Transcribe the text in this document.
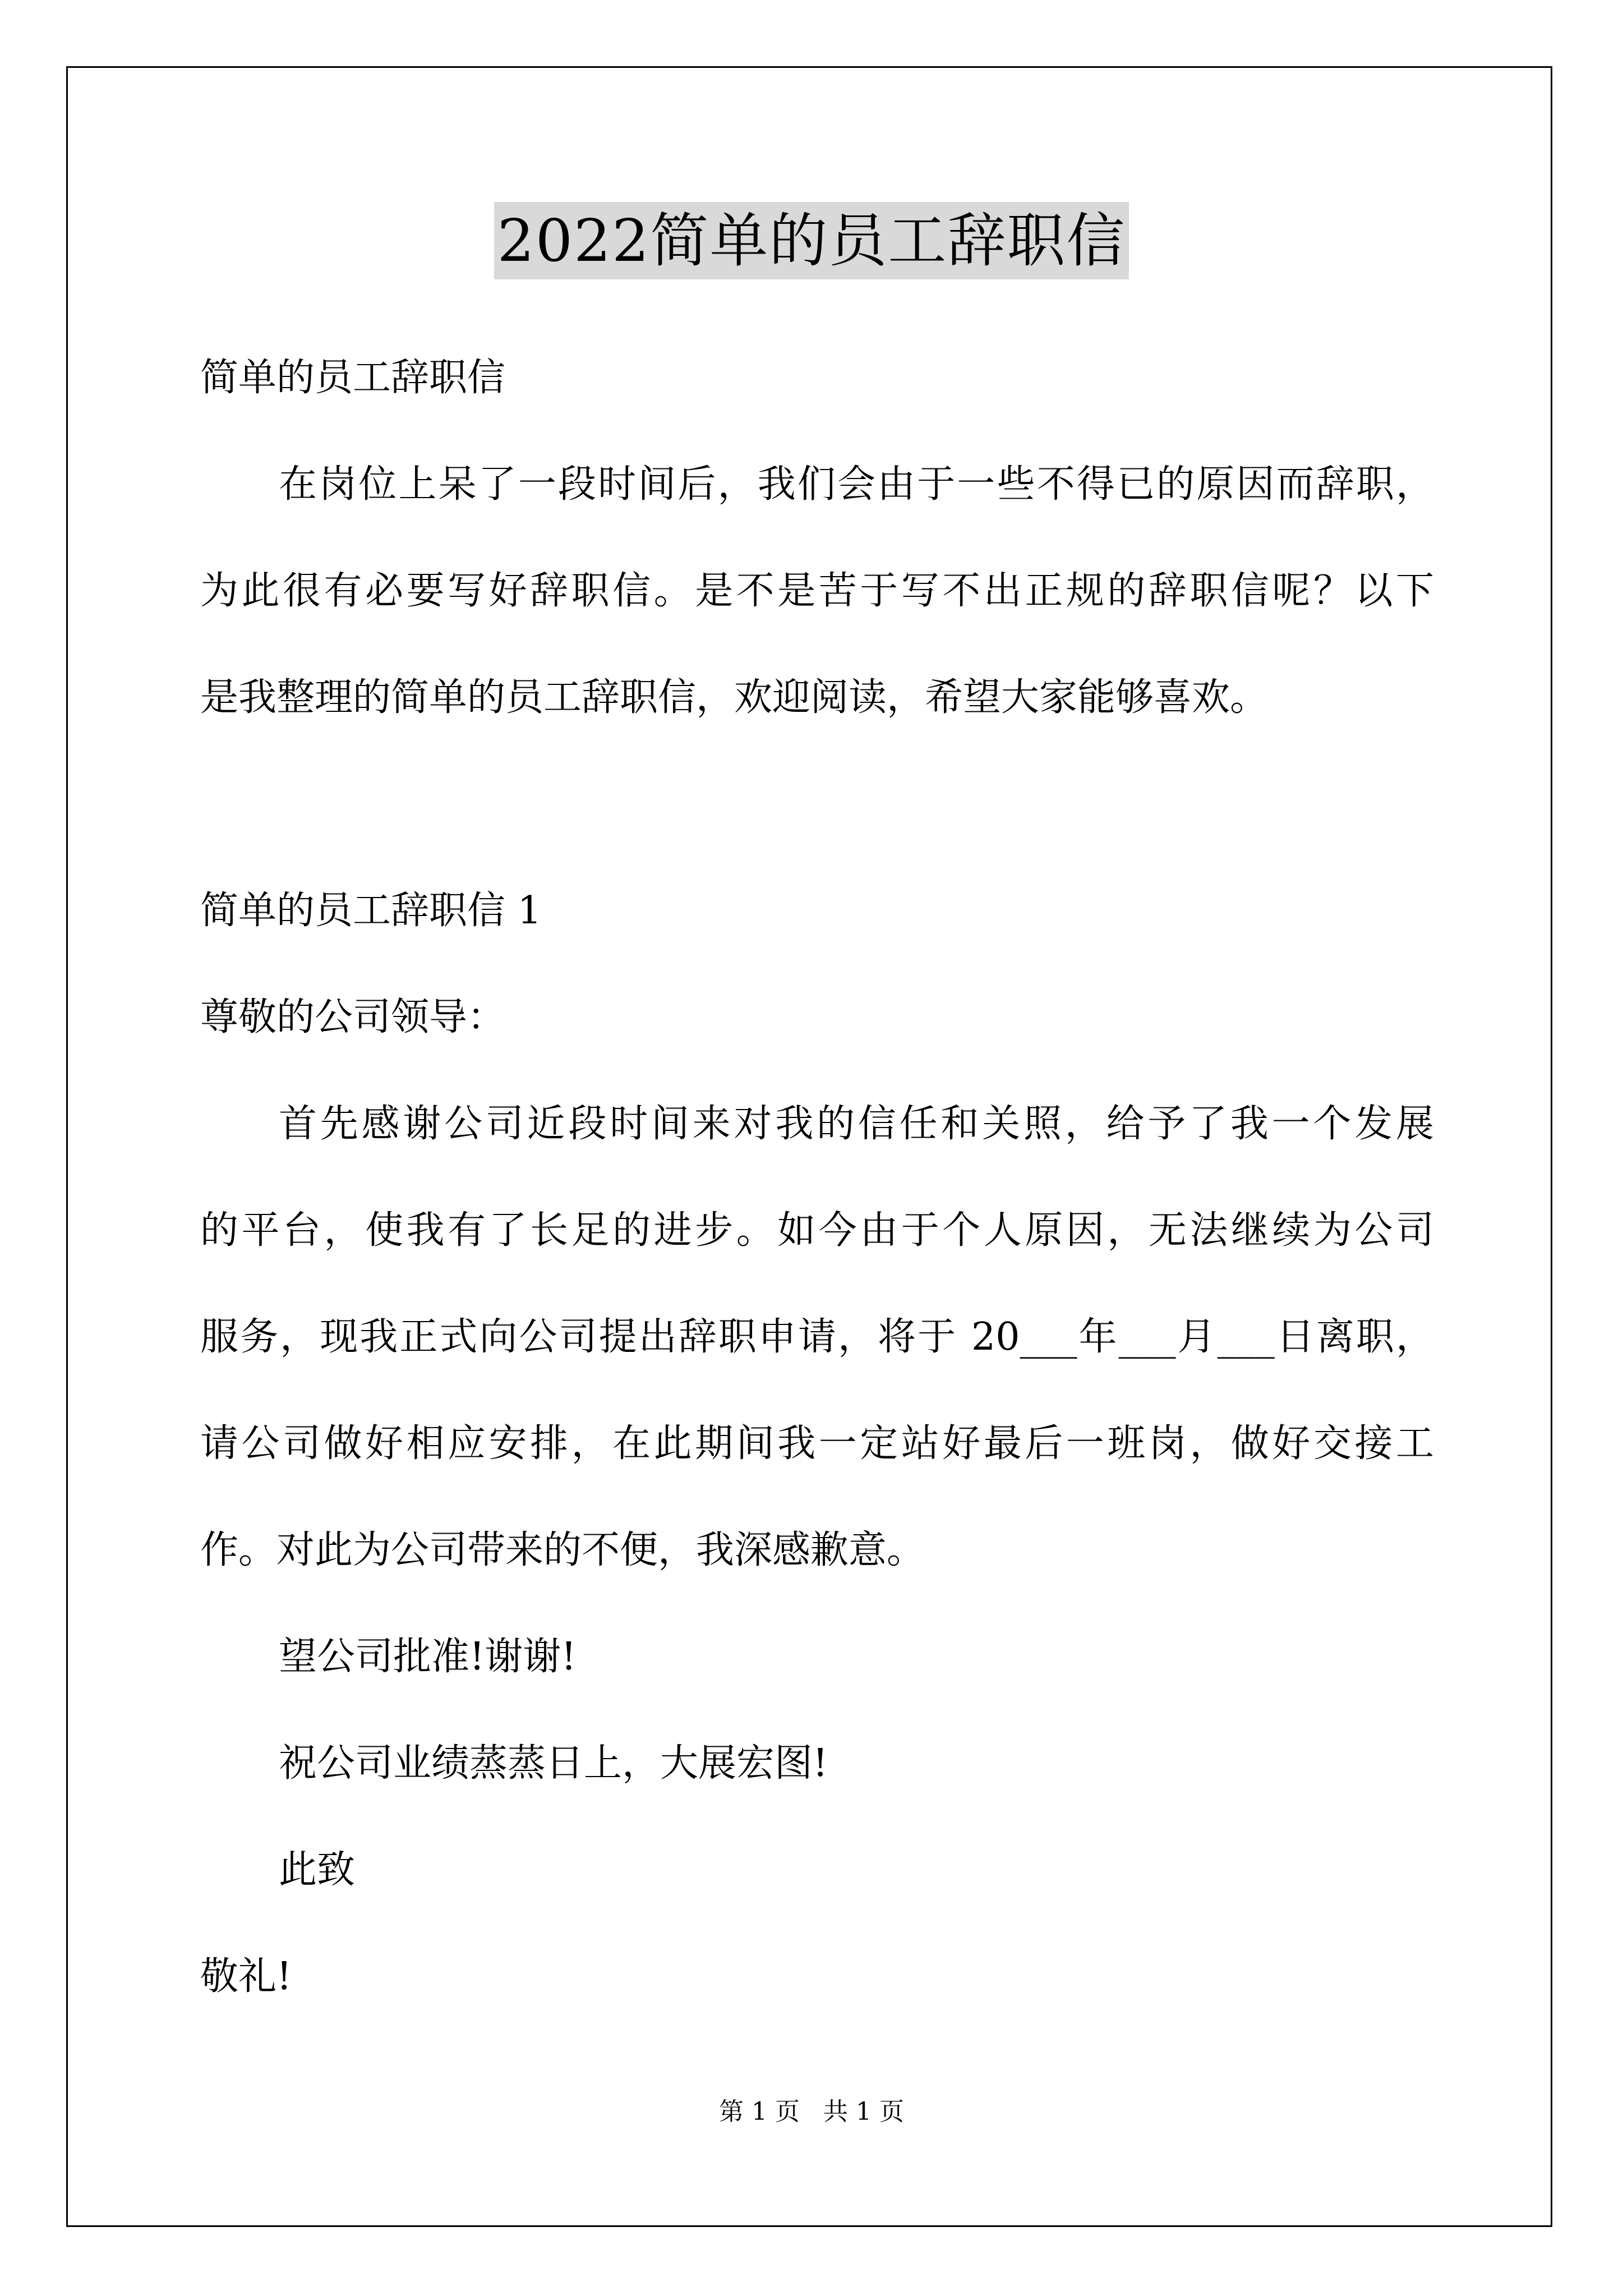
2022简单的员工辞职信
简单的员工辞职信
在岗位上呆了一段时间后，我们会由于一些不得已的原因而辞职，
为此很有必要写好辞职信。是不是苦于写不出正规的辞职信呢？以下
是我整理的简单的员工辞职信，欢迎阅读，希望大家能够喜欢。
简单的员工辞职信 1
尊敬的公司领导：
首先感谢公司近段时间来对我的信任和关照，给予了我一个发展
的平台，使我有了长足的进步。如今由于个人原因，无法继续为公司
服务，现我正式向公司提出辞职申请，将于 20___年___月___日离职，
请公司做好相应安排，在此期间我一定站好最后一班岗，做好交接工
作。对此为公司带来的不便，我深感歉意。
望公司批准!谢谢!
祝公司业绩蒸蒸日上，大展宏图!
此致
敬礼!
第 1 页 共 1 页
